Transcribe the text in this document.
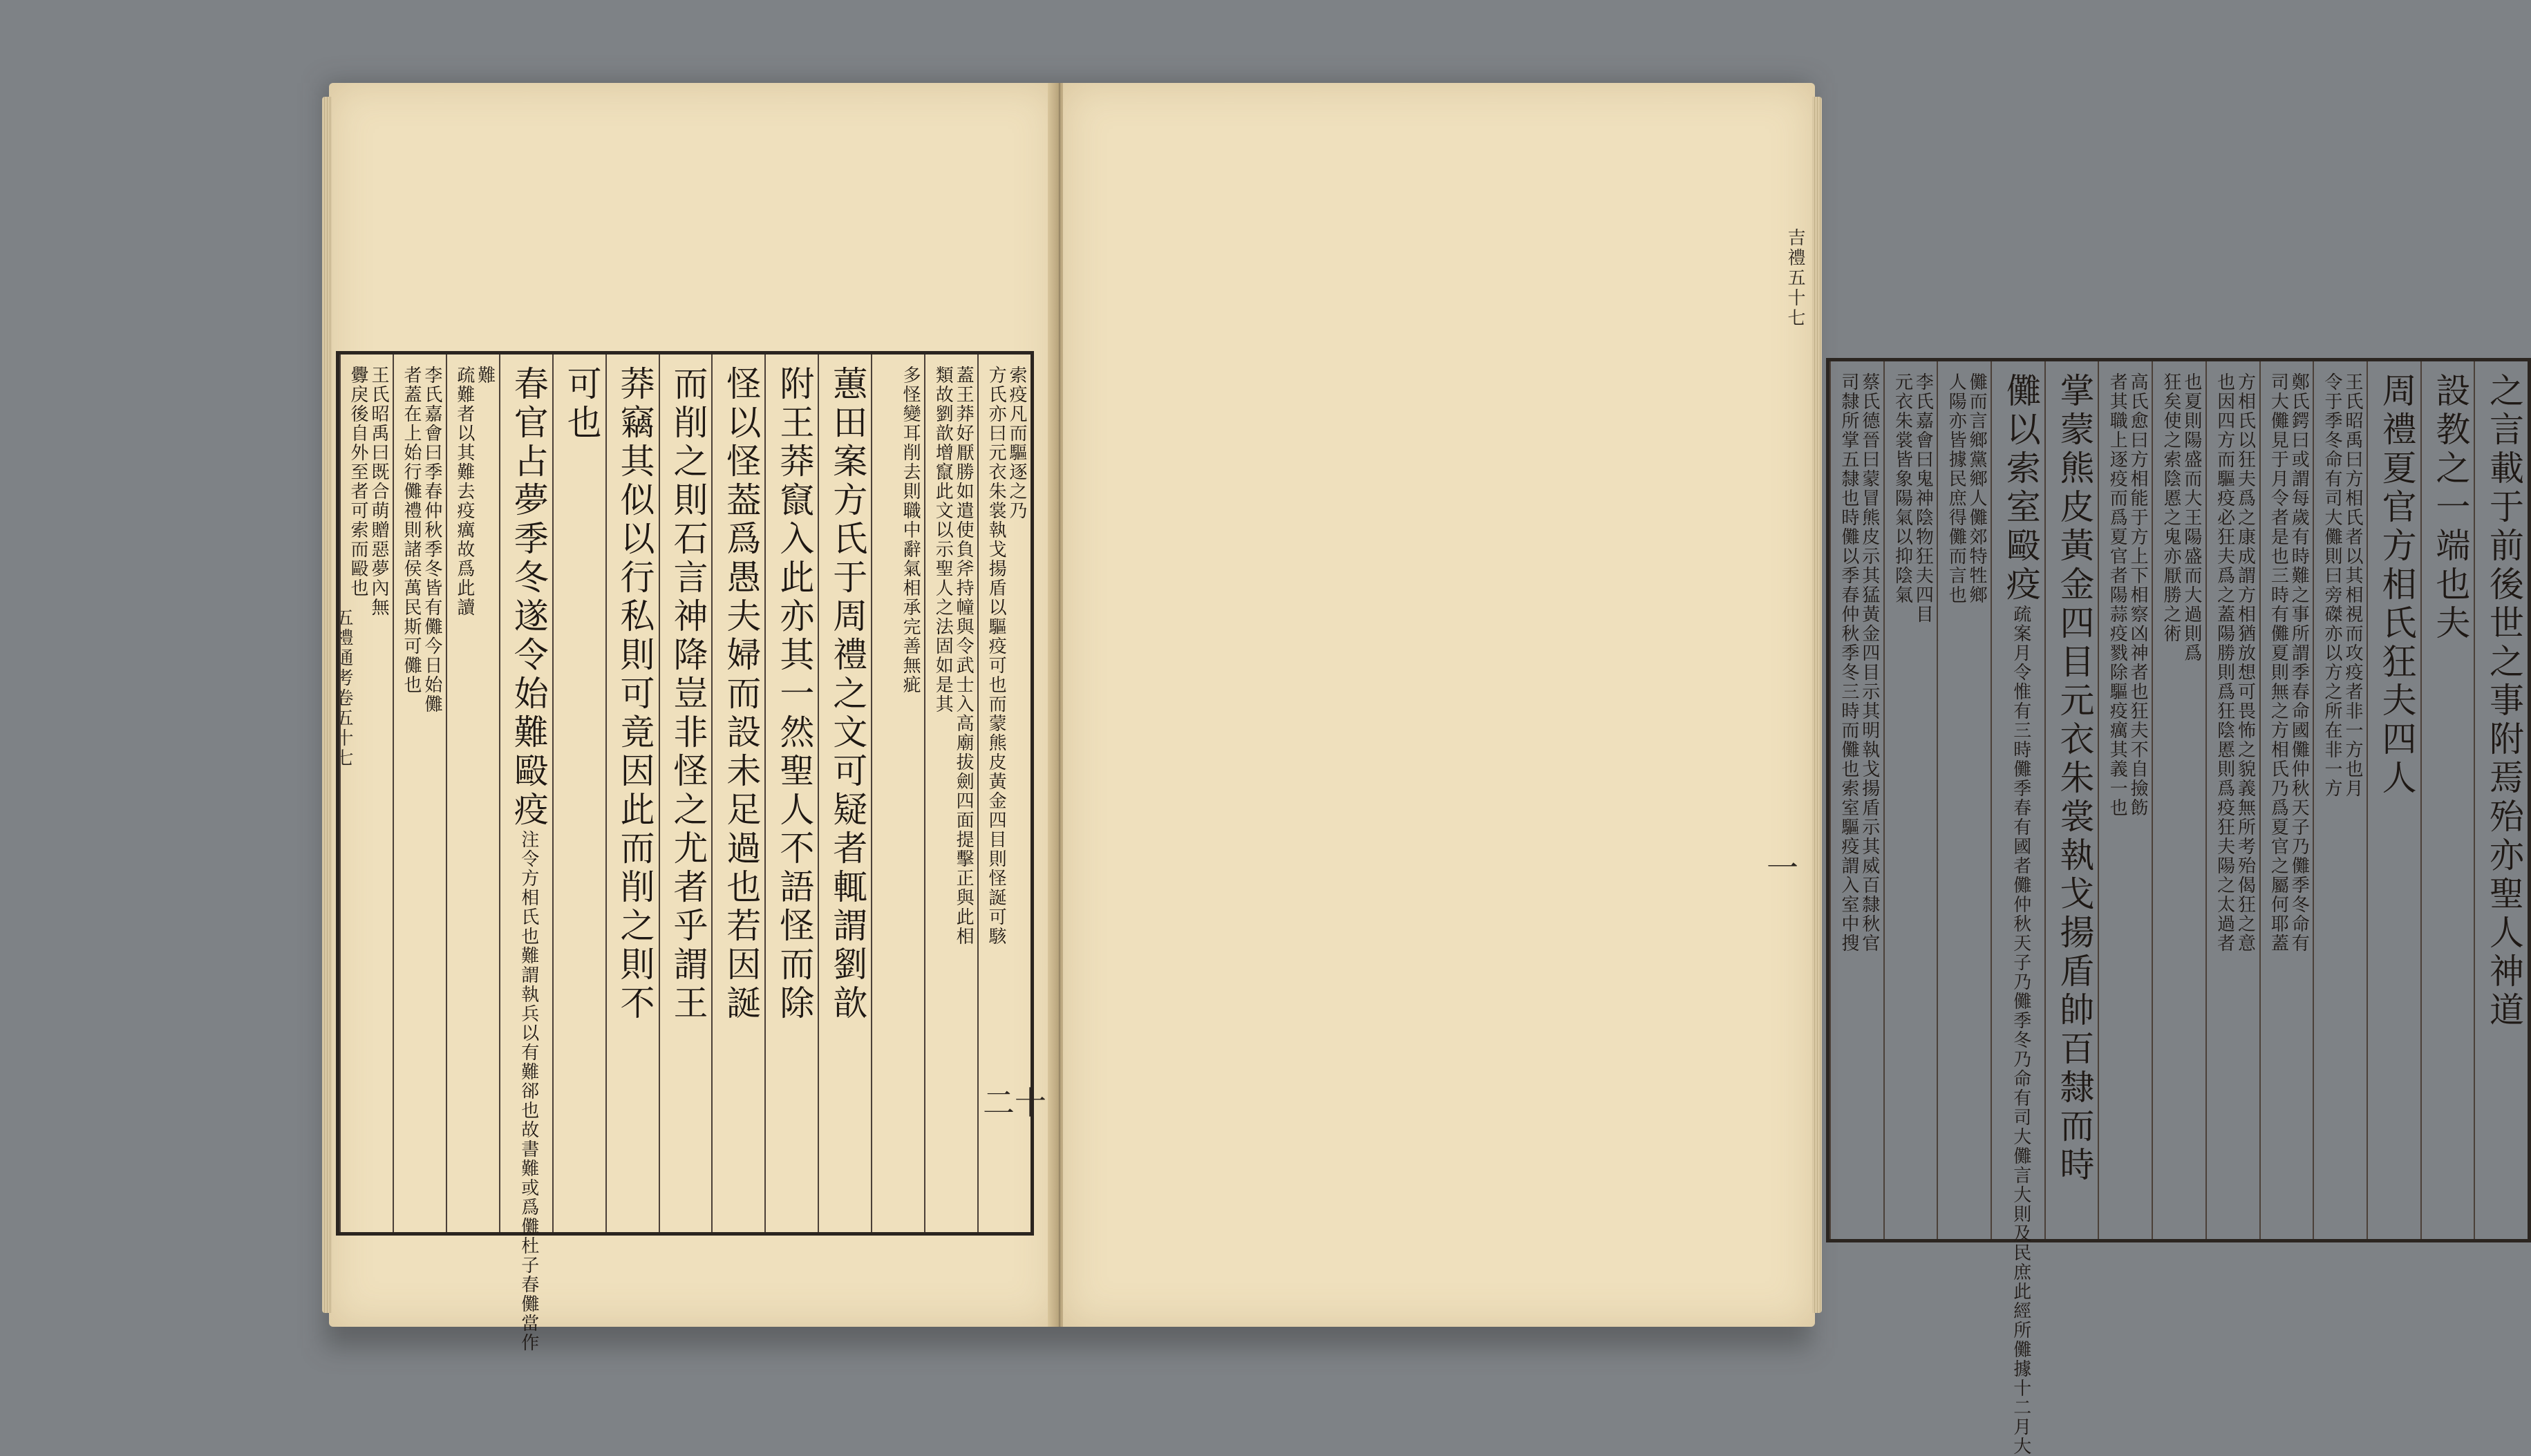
五禮通考卷五十七
索疫凡而驅逐之乃
方氏亦曰元衣朱裳執戈揚盾以驅疫可也而蒙熊皮黃金四目則怪誕可駭
蓋王莽好厭勝如遣使負斧持幢與令武士入高廟拔劍四面提擊正與此相
類故劉歆增竄此文以示聖人之法固如是其
多怪變耳削去則職中辭氣相承完善無疵
蕙田案方氏于周禮之文可疑者輒謂劉歆
附王莽竄入此亦其一然聖人不語怪而除
怪以怪葢爲愚夫婦而設未足過也若因誕
而削之則石言神降豈非怪之尤者乎謂王
莽竊其似以行私則可竟因此而削之則不
可也
春官占夢季冬遂令始難毆疫注令方相氏也難謂執兵以有難郤也故書難或爲儺杜子春儺當作
難
疏難者以其難去疫癘故爲此讀
李氏嘉會曰季春仲秋季冬皆有儺今日始儺
者蓋在上始行儺禮則諸侯萬民斯可儺也
王氏昭禹曰既合萌贈惡夢內無
釁戾後自外至者可索而毆也
吉禮五十七
之言載于前後世之事附焉殆亦聖人神道
設教之一端也夫
周禮夏官方相氏狂夫四人
王氏昭禹曰方相氏者以其相視而攻疫者非一方也月
令于季冬命有司大儺則曰旁磔亦以方之所在非一方
鄭氏鍔曰或謂每歲有時難之事所謂季春命國儺仲秋天子乃儺季冬命有
司大儺見于月令者是也三時有儺夏則無之方相氏乃爲夏官之屬何耶蓋
方相氏以狂夫爲之康成謂方相猶放想可畏怖之貌義無所考殆偈狂之意
也因四方而驅疫必狂夫爲之蓋陽勝則爲狂陰慝則爲疫狂夫陽之太過者
也夏則陽盛而大王陽盛而大過則爲
狂矣使之索陰慝之鬼亦厭勝之術
高氏愈曰方相能于方上下相察凶神者也狂夫不自撿飭
者其職上逐疫而爲夏官者陽蒜疫戮除驅疫癘其義一也
掌蒙熊皮黃金四目元衣朱裳執戈揚盾帥百隸而時
儺以索室毆疫疏案月令惟有三時儺季春有國者儺仲秋天子乃儺季冬乃命有司大儺言大則及民庶此經所儺據十二月大
儺而言鄉黨鄉人儺郊特牲鄉
人陽亦皆據民庶得儺而言也
李氏嘉會曰鬼神陰物狂夫四目
元衣朱裳皆象陽氣以抑陰氣
蔡氏德晉曰蒙冒熊皮示其猛黃金四目示其明執戈揚盾示其威百隸秋官
司隸所掌五隸也時儺以季春仲秋季冬三時而儺也索室驅疫謂入室中搜
二十
一
